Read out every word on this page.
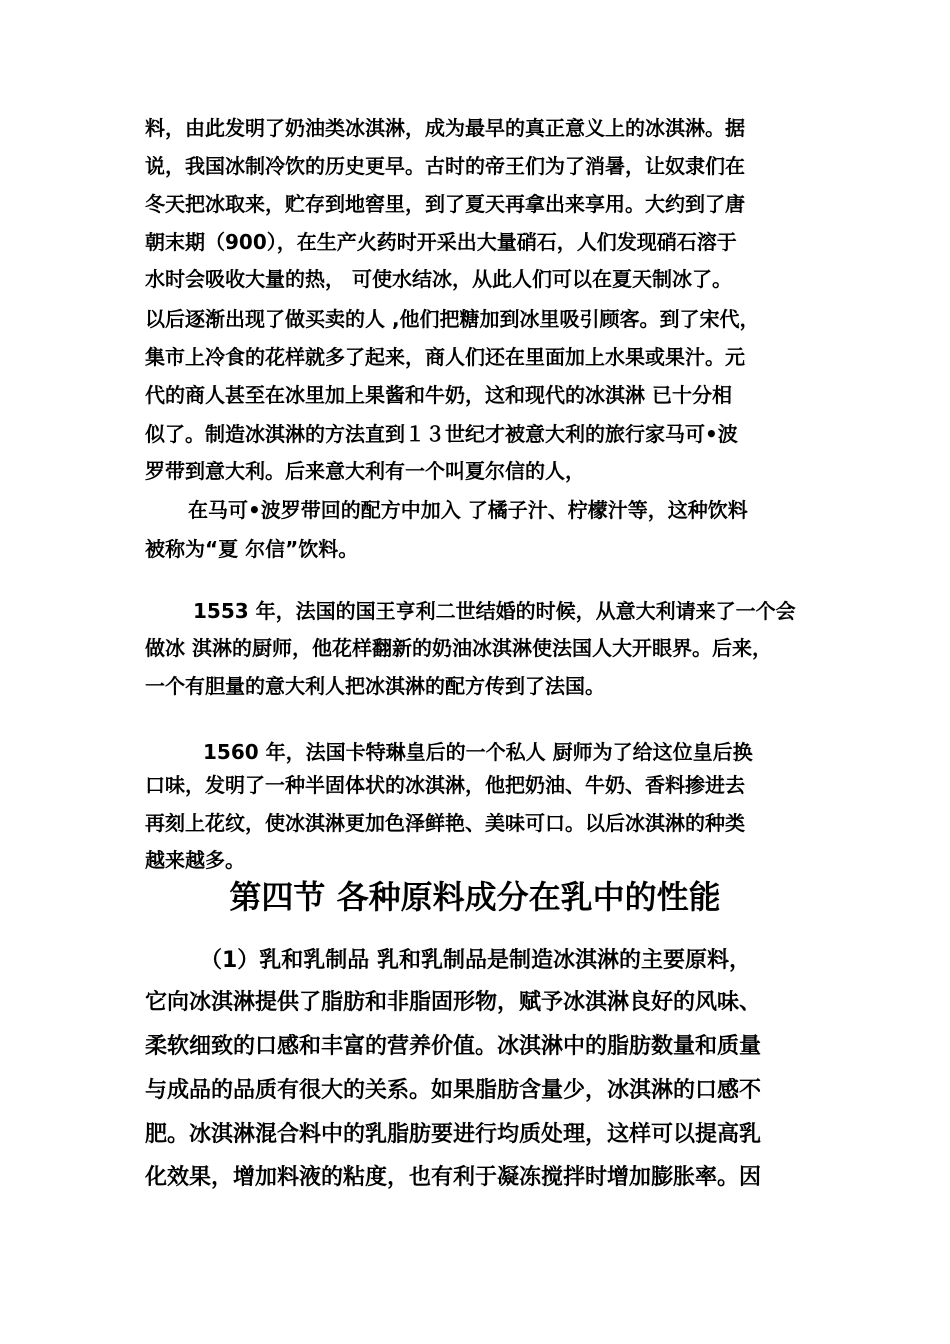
料，由此发明了奶油类冰淇淋，成为最早的真正意义上的冰淇淋。据
说，我国冰制冷饮的历史更早。古时的帝王们为了消暑，让奴隶们在
冬天把冰取来，贮存到地窖里，到了夏天再拿出来享用。大约到了唐
朝末期（900），在生产火药时开采出大量硝石，人们发现硝石溶于
水时会吸收大量的热， 可使水结冰，从此人们可以在夏天制冰了。
以后逐渐出现了做买卖的人 ,他们把糖加到冰里吸引顾客。到了宋代，
集市上冷食的花样就多了起来，商人们还在里面加上水果或果汁。元
代的商人甚至在冰里加上果酱和牛奶，这和现代的冰淇淋 已十分相
似了。制造冰淇淋的方法直到１３世纪才被意大利的旅行家马可•波
罗带到意大利。后来意大利有一个叫夏尔信的人，
在马可•波罗带回的配方中加入 了橘子汁、柠檬汁等，这种饮料
被称为“夏 尔信”饮料。
1553 年，法国的国王亨利二世结婚的时候，从意大利请来了一个会
做冰 淇淋的厨师，他花样翻新的奶油冰淇淋使法国人大开眼界。后来，
一个有胆量的意大利人把冰淇淋的配方传到了法国。
1560 年，法国卡特琳皇后的一个私人 厨师为了给这位皇后换
口味，发明了一种半固体状的冰淇淋，他把奶油、牛奶、香料掺进去
再刻上花纹，使冰淇淋更加色泽鲜艳、美味可口。以后冰淇淋的种类
越来越多。
第四节 各种原料成分在乳中的性能
（1）乳和乳制品 乳和乳制品是制造冰淇淋的主要原料，
它向冰淇淋提供了脂肪和非脂固形物，赋予冰淇淋良好的风味、
柔软细致的口感和丰富的营养价值。冰淇淋中的脂肪数量和质量
与成品的品质有很大的关系。如果脂肪含量少，冰淇淋的口感不
肥。冰淇淋混合料中的乳脂肪要进行均质处理，这样可以提高乳
化效果，增加料液的粘度，也有利于凝冻搅拌时增加膨胀率。因
